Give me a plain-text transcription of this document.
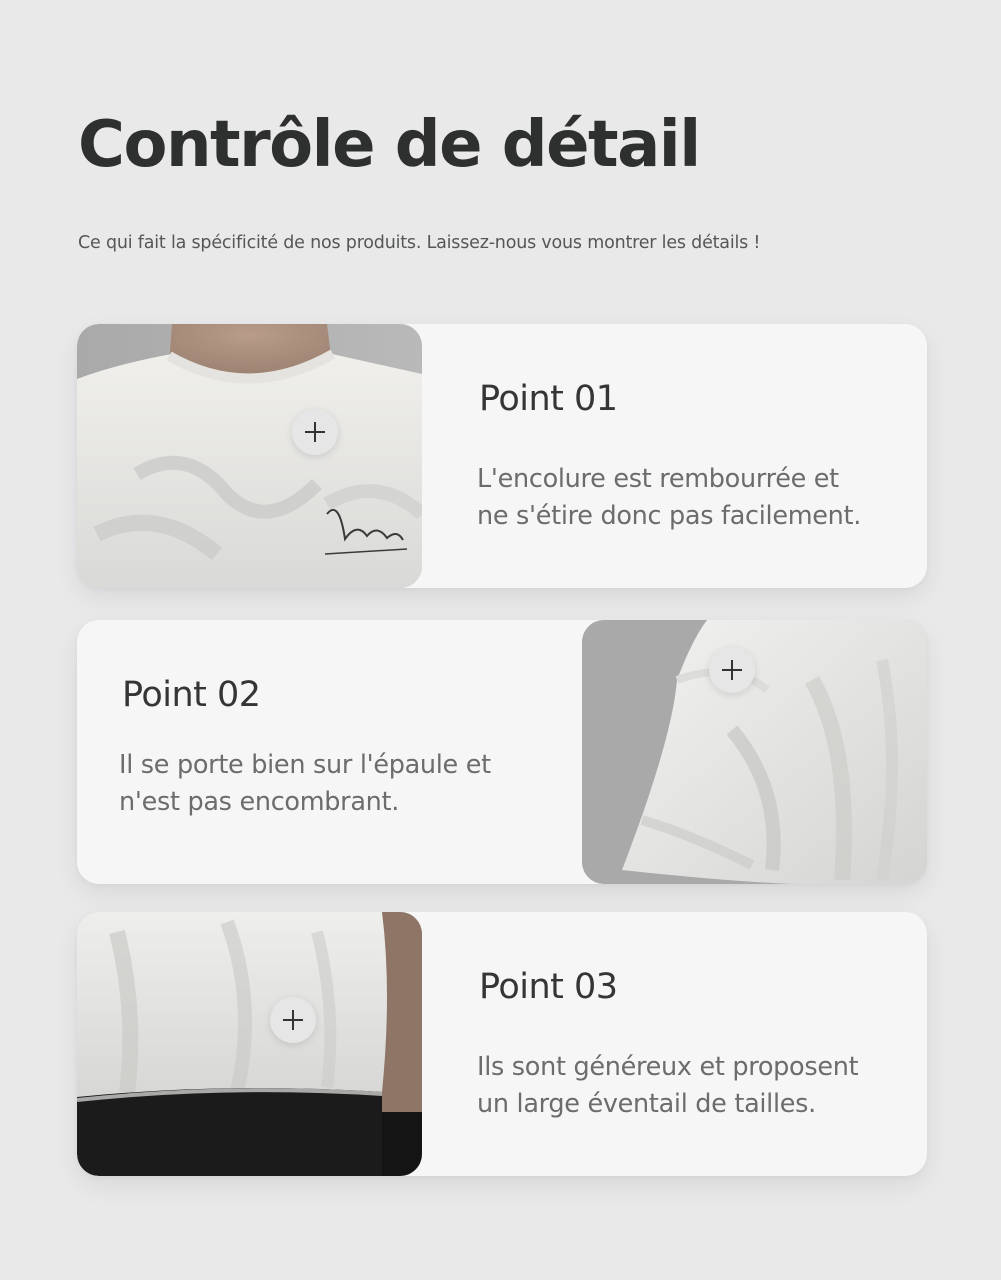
Contrôle de détail

Ce qui fait la spécificité de nos produits. Laissez-nous vous montrer les détails !

Point 01
L'encolure est rembourrée et
ne s'étire donc pas facilement.
Point 02
Il se porte bien sur l'épaule et
n'est pas encombrant.
Point 03
Ils sont généreux et proposent
un large éventail de tailles.
